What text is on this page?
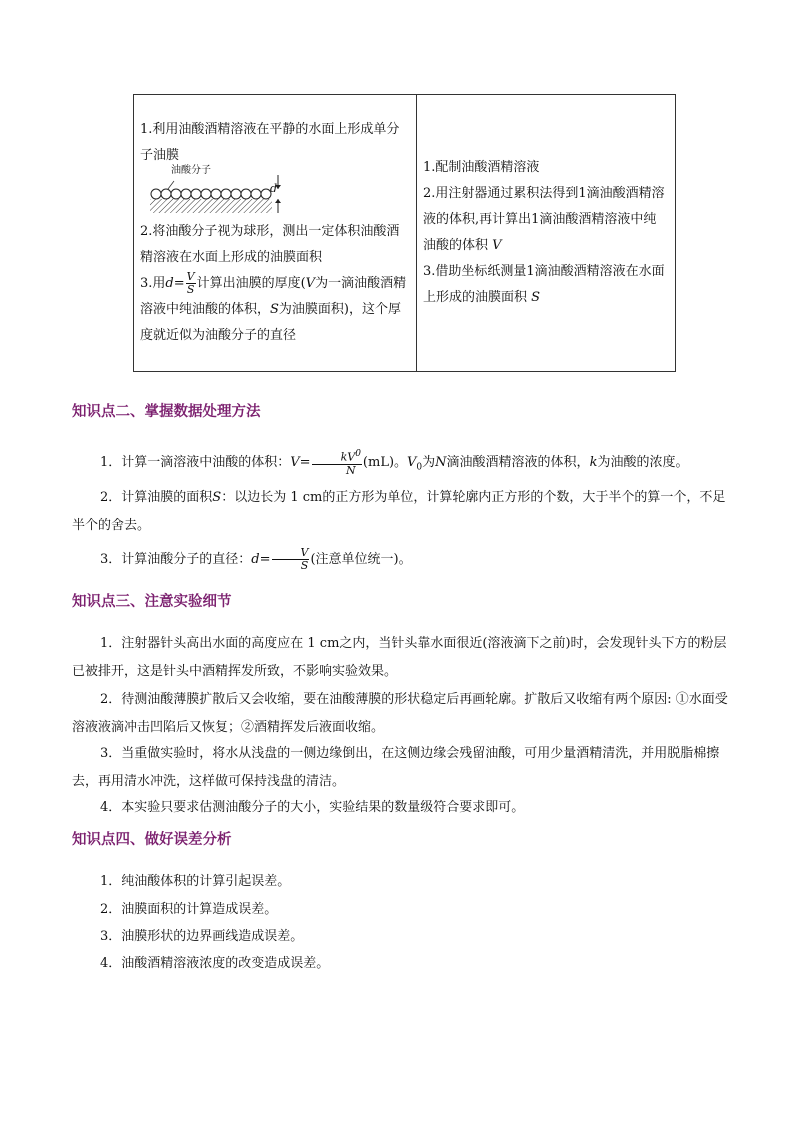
1.利用油酸酒精溶液在平静的水面上形成单分子油膜
油酸分子
d
2.将油酸分子视为球形，测出一定体积油酸酒精溶液在水面上形成的油膜面积
3.用$d= \frac{V}{S}$ 计算出油膜的厚度(V为一滴油酸酒精溶液中纯油酸的体积，S为油膜面积)，这个厚度就近似为油酸分子的直径

1.配制油酸酒精溶液
2.用注射器通过累积法得到1滴油酸酒精溶液的体积,再计算出1滴油酸酒精溶液中纯油酸的体积 V
3.借助坐标纸测量1滴油酸酒精溶液在水面上形成的油膜面积 S
知识点二、掌握数据处理方法
1．计算一滴溶液中油酸的体积：$V= \frac{kV^0}{N} (mL)$。$V_0$为N滴油酸酒精溶液的体积，k为油酸的浓度。
2．计算油膜的面积S：以边长为 1 cm的正方形为单位，计算轮廓内正方形的个数，大于半个的算一个，不足半个的舍去。
3．计算油酸分子的直径：$d= \frac{V}{S}$ (注意单位统一)。
知识点三、注意实验细节
1．注射器针头高出水面的高度应在 1 cm之内，当针头靠水面很近(溶液滴下之前)时，会发现针头下方的粉层已被排开，这是针头中酒精挥发所致，不影响实验效果。
2．待测油酸薄膜扩散后又会收缩，要在油酸薄膜的形状稳定后再画轮廓。扩散后又收缩有两个原因: ①水面受溶液液滴冲击凹陷后又恢复；②酒精挥发后液面收缩。
3．当重做实验时，将水从浅盘的一侧边缘倒出，在这侧边缘会残留油酸，可用少量酒精清洗，并用脱脂棉擦去，再用清水冲洗，这样做可保持浅盘的清洁。
4．本实验只要求估测油酸分子的大小，实验结果的数量级符合要求即可。
知识点四、做好误差分析
1．纯油酸体积的计算引起误差。
2．油膜面积的计算造成误差。
3．油膜形状的边界画线造成误差。
4．油酸酒精溶液浓度的改变造成误差。
